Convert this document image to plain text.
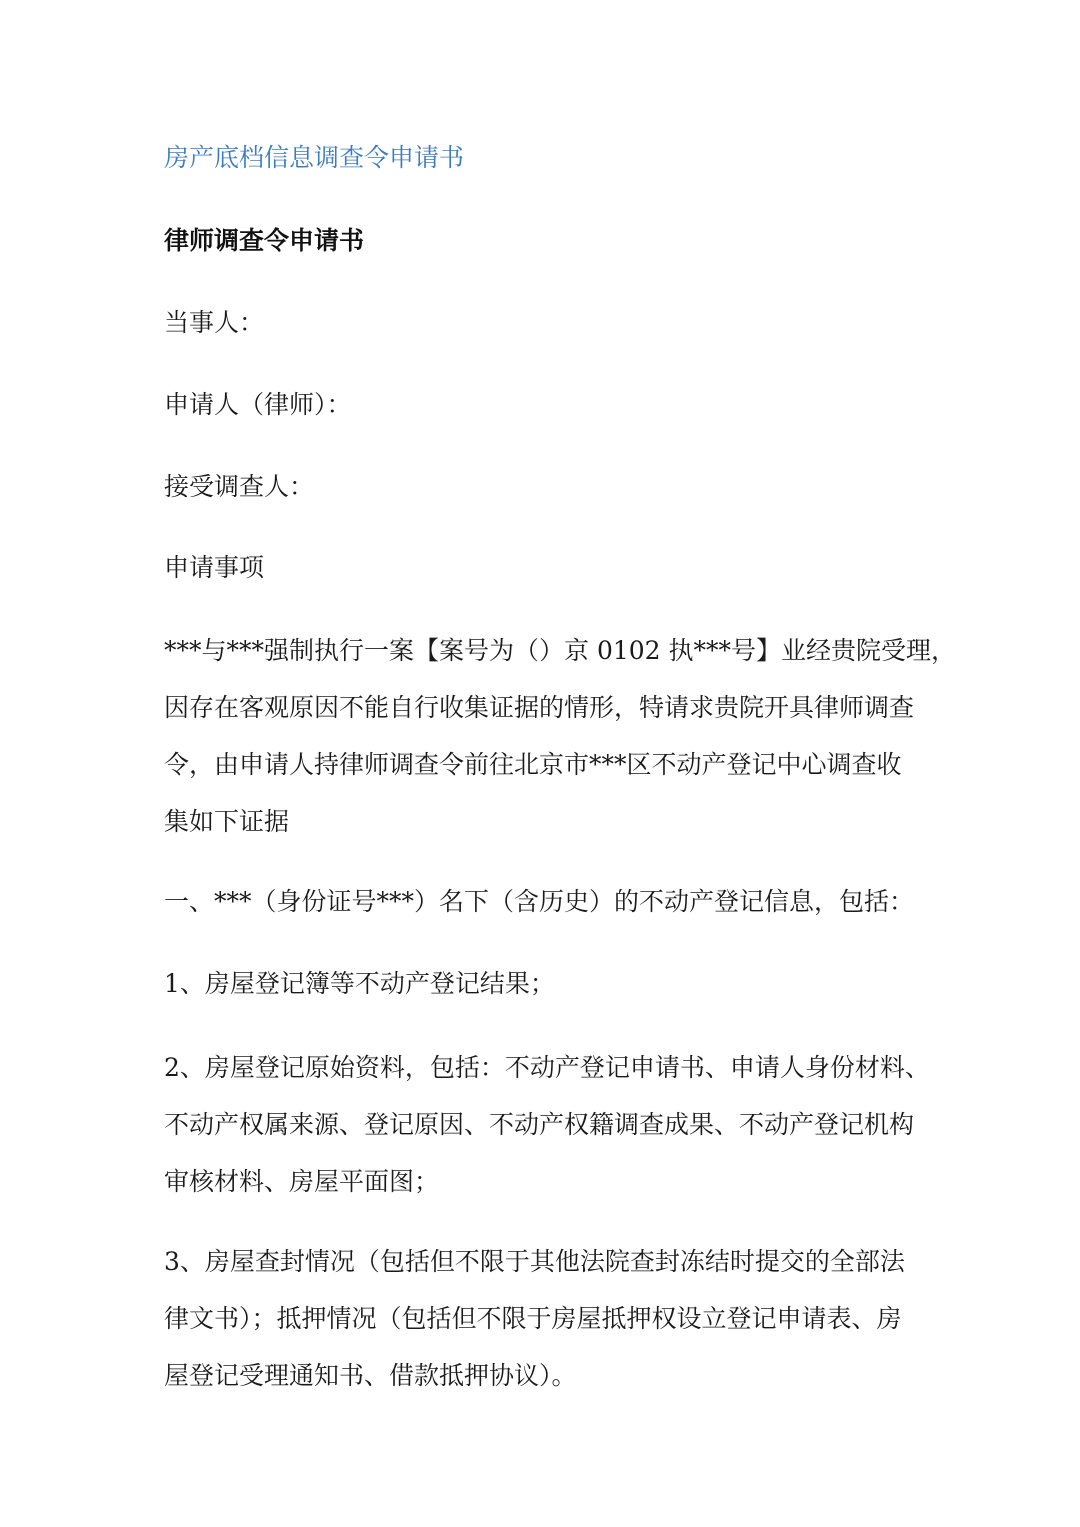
房产底档信息调查令申请书
律师调查令申请书
当事人：
申请人（律师）：
接受调查人：
申请事项
***与***强制执行一案【案号为（）京 0102 执***号】业经贵院受理，
因存在客观原因不能自行收集证据的情形，特请求贵院开具律师调查
令，由申请人持律师调查令前往北京市***区不动产登记中心调查收
集如下证据
一、***（身份证号***）名下（含历史）的不动产登记信息，包括：
1、房屋登记簿等不动产登记结果；
2、房屋登记原始资料，包括：不动产登记申请书、申请人身份材料、
不动产权属来源、登记原因、不动产权籍调查成果、不动产登记机构
审核材料、房屋平面图；
3、房屋查封情况（包括但不限于其他法院查封冻结时提交的全部法
律文书）；抵押情况（包括但不限于房屋抵押权设立登记申请表、房
屋登记受理通知书、借款抵押协议）。
